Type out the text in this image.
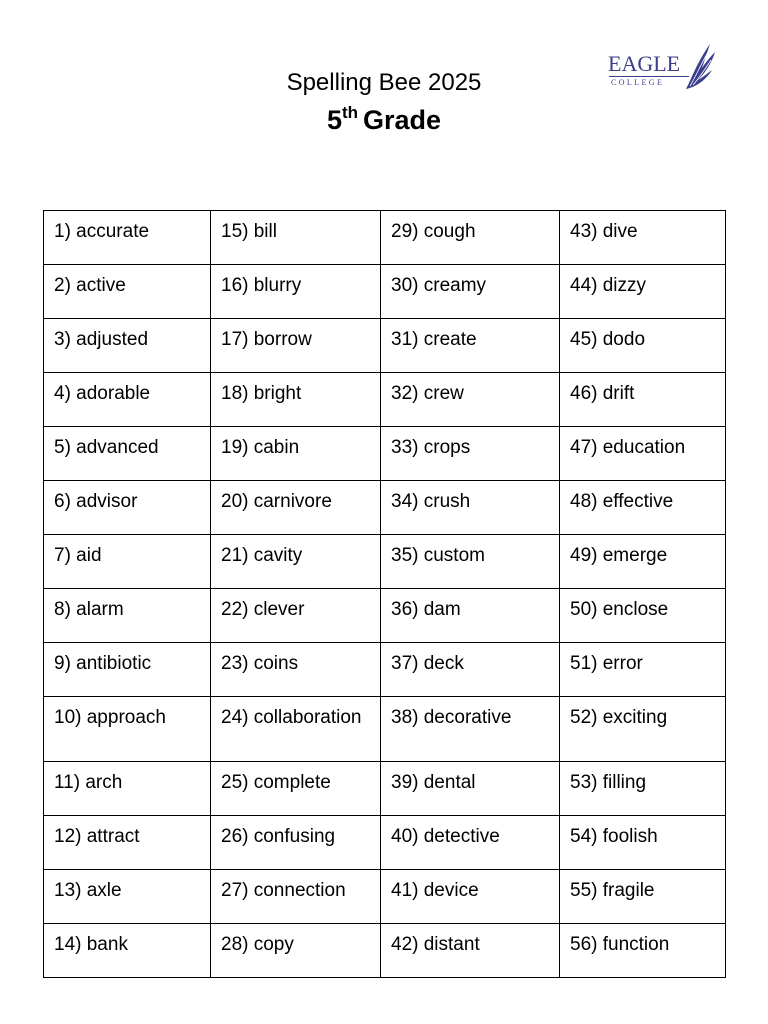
Spelling Bee 2025
5th Grade
EAGLE
COLLEGE
1) accurate	15) bill	29) cough	43) dive
2) active	16) blurry	30) creamy	44) dizzy
3) adjusted	17) borrow	31) create	45) dodo
4) adorable	18) bright	32) crew	46) drift
5) advanced	19) cabin	33) crops	47) education
6) advisor	20) carnivore	34) crush	48) effective
7) aid	21) cavity	35) custom	49) emerge
8) alarm	22) clever	36) dam	50) enclose
9) antibiotic	23) coins	37) deck	51) error
10) approach	24) collaboration	38) decorative	52) exciting
11) arch	25) complete	39) dental	53) filling
12) attract	26) confusing	40) detective	54) foolish
13) axle	27) connection	41) device	55) fragile
14) bank	28) copy	42) distant	56) function
